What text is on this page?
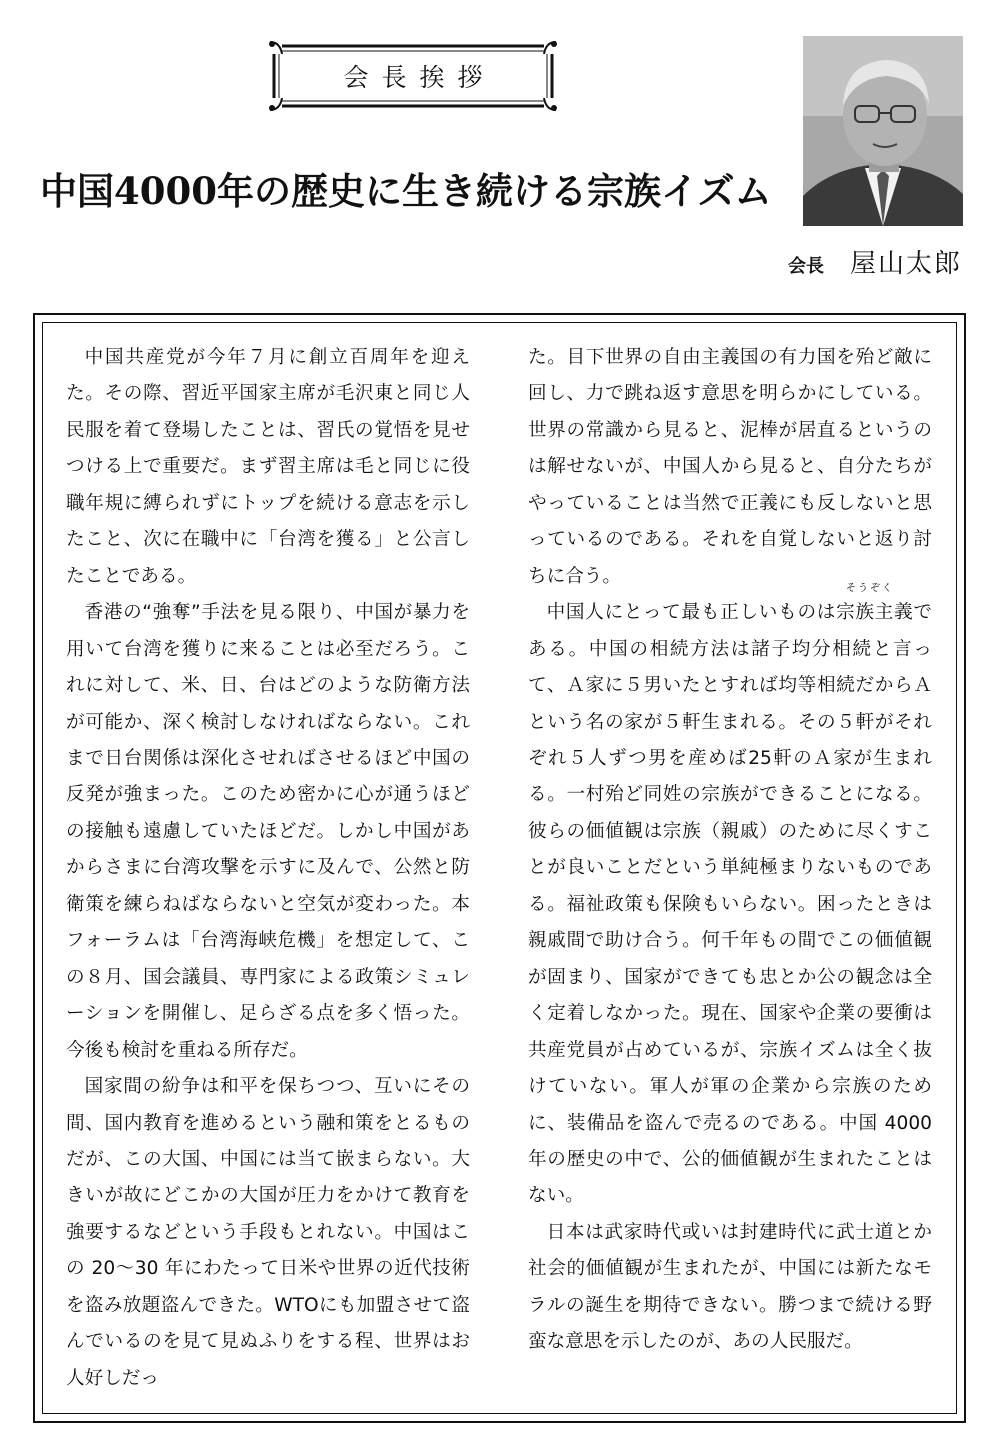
会長挨拶
中国4000年の歴史に生き続ける宗族イズム
会長 屋山太郎

中国共産党が今年７月に創立百周年を迎えた。その際、習近平国家主席が毛沢東と同じ人民服を着て登場したことは、習氏の覚悟を見せつける上で重要だ。まず習主席は毛と同じに役職年規に縛られずにトップを続ける意志を示したこと、次に在職中に「台湾を獲る」と公言したことである。

香港の“強奪”手法を見る限り、中国が暴力を用いて台湾を獲りに来ることは必至だろう。これに対して、米、日、台はどのような防衛方法が可能か、深く検討しなければならない。これまで日台関係は深化させればさせるほど中国の反発が強まった。このため密かに心が通うほどの接触も遠慮していたほどだ。しかし中国があからさまに台湾攻撃を示すに及んで、公然と防衛策を練らねばならないと空気が変わった。本フォーラムは「台湾海峡危機」を想定して、この８月、国会議員、専門家による政策シミュレーションを開催し、足らざる点を多く悟った。今後も検討を重ねる所存だ。

国家間の紛争は和平を保ちつつ、互いにその間、国内教育を進めるという融和策をとるものだが、この大国、中国には当て嵌まらない。大きいが故にどこかの大国が圧力をかけて教育を強要するなどという手段もとれない。中国はこの 20〜30 年にわたって日米や世界の近代技術を盗み放題盗んできた。WTOにも加盟させて盗んでいるのを見て見ぬふりをする程、世界はお人好しだっ

た。目下世界の自由主義国の有力国を殆ど敵に回し、力で跳ね返す意思を明らかにしている。世界の常識から見ると、泥棒が居直るというのは解せないが、中国人から見ると、自分たちがやっていることは当然で正義にも反しないと思っているのである。それを自覚しないと返り討ちに合う。

中国人にとって最も正しいものは宗族主義である。中国の相続方法は諸子均分相続と言って、Ａ家に５男いたとすれば均等相続だからＡという名の家が５軒生まれる。その５軒がそれぞれ５人ずつ男を産めば25軒のＡ家が生まれる。一村殆ど同姓の宗族ができることになる。彼らの価値観は宗族（親戚）のために尽くすことが良いことだという単純極まりないものである。福祉政策も保険もいらない。困ったときは親戚間で助け合う。何千年もの間でこの価値観が固まり、国家ができても忠とか公の観念は全く定着しなかった。現在、国家や企業の要衝は共産党員が占めているが、宗族イズムは全く抜けていない。軍人が軍の企業から宗族のために、装備品を盗んで売るのである。中国 4000 年の歴史の中で、公的価値観が生まれたことはない。

日本は武家時代或いは封建時代に武士道とか社会的価値観が生まれたが、中国には新たなモラルの誕生を期待できない。勝つまで続ける野蛮な意思を示したのが、あの人民服だ。

そうぞく
